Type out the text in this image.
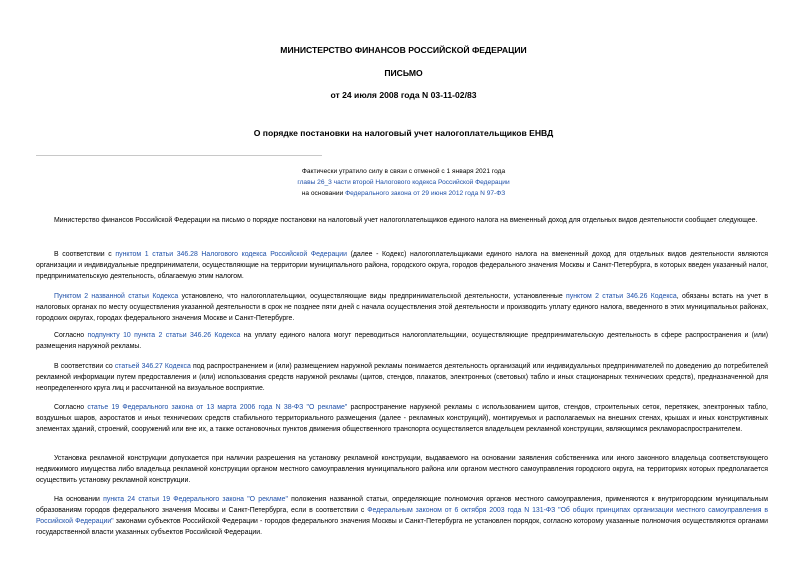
МИНИСТЕРСТВО ФИНАНСОВ РОССИЙСКОЙ ФЕДЕРАЦИИ
ПИСЬМО
от 24 июля 2008 года N 03-11-02/83
О порядке постановки на налоговый учет налогоплательщиков ЕНВД
Фактически утратило силу в связи с отменой с 1 января 2021 года
главы 26_3 части второй Налогового кодекса Российской Федерации
на основании Федерального закона от 29 июня 2012 года N 97-ФЗ

Министерство финансов Российской Федерации на письмо о порядке постановки на налоговый учет налогоплательщиков единого налога на вмененный доход для отдельных видов деятельности сообщает следующее.

В соответствии с пунктом 1 статьи 346.28 Налогового кодекса Российской Федерации (далее - Кодекс) налогоплательщиками единого налога на вмененный доход для отдельных видов деятельности являются организации и индивидуальные предприниматели, осуществляющие на территории муниципального района, городского округа, городов федерального значения Москвы и Санкт-Петербурга, в которых введен указанный налог, предпринимательскую деятельность, облагаемую этим налогом.

Пунктом 2 названной статьи Кодекса установлено, что налогоплательщики, осуществляющие виды предпринимательской деятельности, установленные пунктом 2 статьи 346.26 Кодекса, обязаны встать на учет в налоговых органах по месту осуществления указанной деятельности в срок не позднее пяти дней с начала осуществления этой деятельности и производить уплату единого налога, введенного в этих муниципальных районах, городских округах, городах федерального значения Москве и Санкт-Петербурге.

Согласно подпункту 10 пункта 2 статьи 346.26 Кодекса на уплату единого налога могут переводиться налогоплательщики, осуществляющие предпринимательскую деятельность в сфере распространения и (или) размещения наружной рекламы.

В соответствии со статьей 346.27 Кодекса под распространением и (или) размещением наружной рекламы понимается деятельность организаций или индивидуальных предпринимателей по доведению до потребителей рекламной информации путем предоставления и (или) использования средств наружной рекламы (щитов, стендов, плакатов, электронных (световых) табло и иных стационарных технических средств), предназначенной для неопределенного круга лиц и рассчитанной на визуальное восприятие.

Согласно статье 19 Федерального закона от 13 марта 2006 года N 38-ФЗ "О рекламе" распространение наружной рекламы с использованием щитов, стендов, строительных сеток, перетяжек, электронных табло, воздушных шаров, аэростатов и иных технических средств стабильного территориального размещения (далее - рекламных конструкций), монтируемых и располагаемых на внешних стенах, крышах и иных конструктивных элементах зданий, строений, сооружений или вне их, а также остановочных пунктов движения общественного транспорта осуществляется владельцем рекламной конструкции, являющимся рекламораспространителем.

Установка рекламной конструкции допускается при наличии разрешения на установку рекламной конструкции, выдаваемого на основании заявления собственника или иного законного владельца соответствующего недвижимого имущества либо владельца рекламной конструкции органом местного самоуправления муниципального района или органом местного самоуправления городского округа, на территориях которых предполагается осуществить установку рекламной конструкции.

На основании пункта 24 статьи 19 Федерального закона "О рекламе" положения названной статьи, определяющие полномочия органов местного самоуправления, применяются к внутригородским муниципальным образованиям городов федерального значения Москвы и Санкт-Петербурга, если в соответствии с Федеральным законом от 6 октября 2003 года N 131-ФЗ "Об общих принципах организации местного самоуправления в Российской Федерации" законами субъектов Российской Федерации - городов федерального значения Москвы и Санкт-Петербурга не установлен порядок, согласно которому указанные полномочия осуществляются органами государственной власти указанных субъектов Российской Федерации.
